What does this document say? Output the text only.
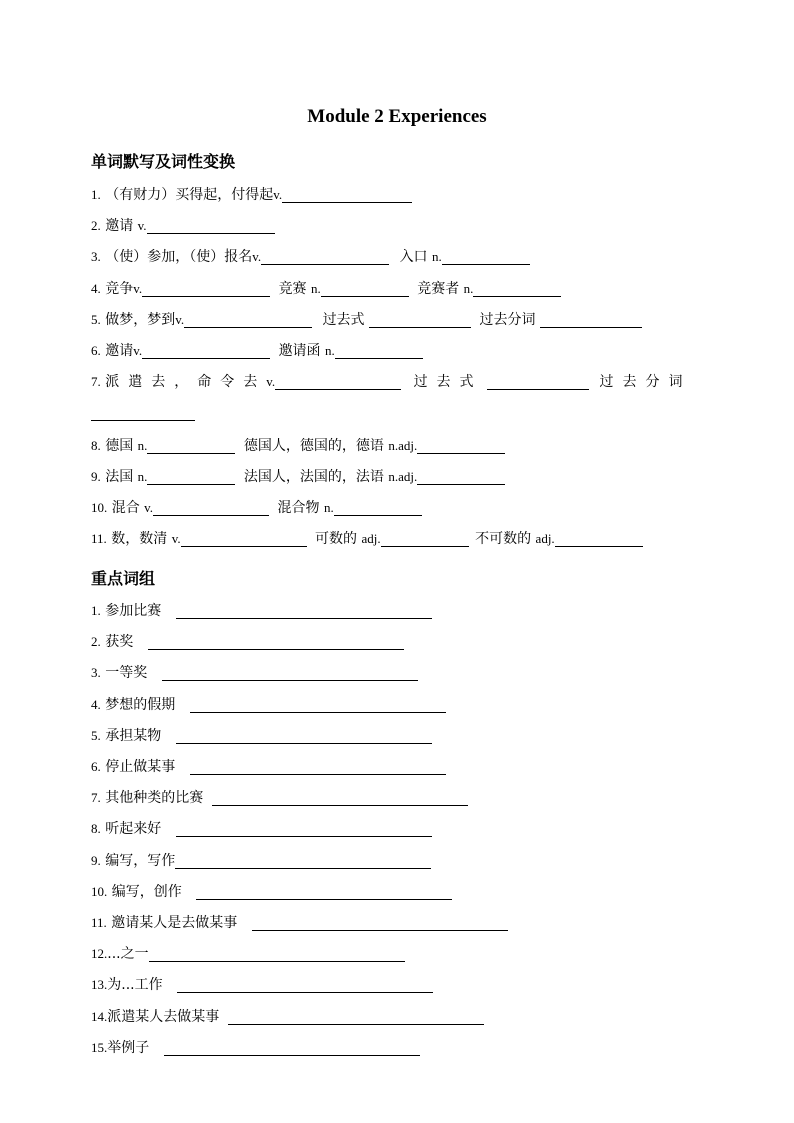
Module 2 Experiences
单词默写及词性变换
1. （有财力）买得起，付得起v.
2. 邀请 v.
3. （使）参加，（使）报名v.	入口 n.
4. 竞争v.	竞赛 n.	竞赛者 n.
5. 做梦，梦到v.	过去式	过去分词
6. 邀请v.	邀请函 n.
7. 派遣去，命令去v.	过去式	过去分词
8. 德国 n.	德国人，德国的，德语 n.adj.
9. 法国 n.	法国人，法国的，法语 n.adj.
10. 混合 v.	混合物 n.
11. 数，数清 v.	可数的 adj.	不可数的 adj.
重点词组
1. 参加比赛
2. 获奖
3. 一等奖
4. 梦想的假期
5. 承担某物
6. 停止做某事
7. 其他种类的比赛
8. 听起来好
9. 编写，写作
10. 编写，创作
11. 邀请某人是去做某事
12....之一
13.为...工作
14.派遣某人去做某事
15.举例子
